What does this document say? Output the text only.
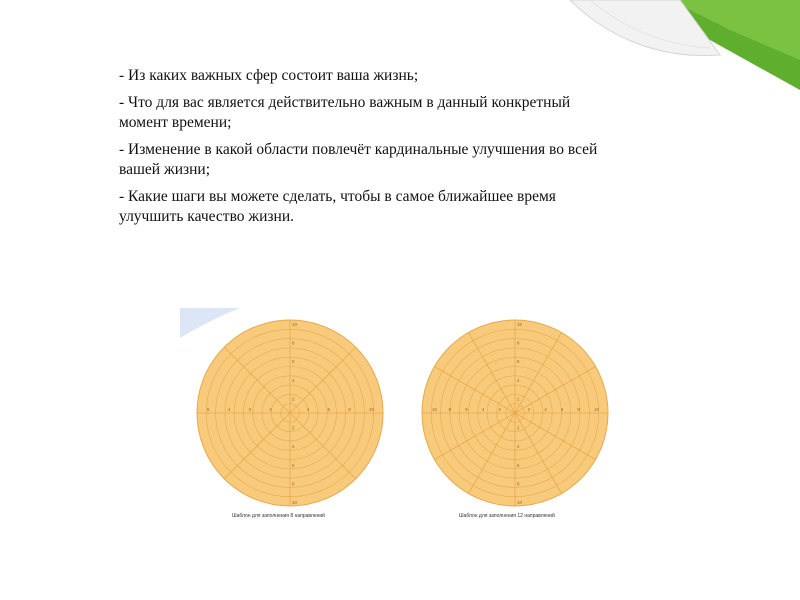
- Из каких важных сфер состоит ваша жизнь;
- Что для вас является действительно важным в данный конкретный момент времени;
- Изменение в какой области повлечёт кардинальные улучшения во всей вашей жизни;
- Какие шаги вы можете сделать, чтобы в самое ближайшее время улучшить качество жизни.
10
8
6
4
2
2
4
6
8
10
6	4	3	2	4	6	8	10
10
8
6
4
2
2
4
6
8
10
10	8	6	4	2	2	4	6	8	10
Шаблон для заполнения 8 направлений	Шаблон для заполнения 12 направлений
